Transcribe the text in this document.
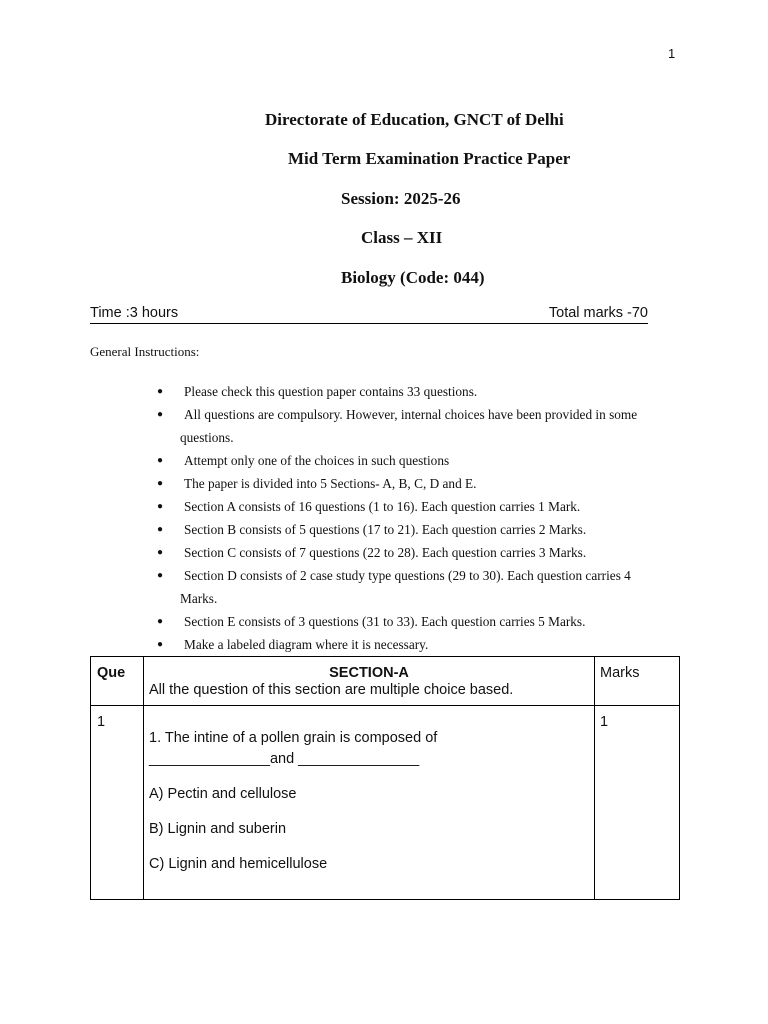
1
Directorate of Education, GNCT of Delhi
Mid Term Examination Practice Paper
Session: 2025-26
Class – XII
Biology (Code: 044)
Time :3 hours	Total marks -70
General Instructions:
● Please check this question paper contains 33 questions.
● All questions are compulsory. However, internal choices have been provided in some
questions.
● Attempt only one of the choices in such questions
● The paper is divided into 5 Sections- A, B, C, D and E.
● Section A consists of 16 questions (1 to 16). Each question carries 1 Mark.
● Section B consists of 5 questions (17 to 21). Each question carries 2 Marks.
● Section C consists of 7 questions (22 to 28). Each question carries 3 Marks.
● Section D consists of 2 case study type questions (29 to 30). Each question carries 4
Marks.
● Section E consists of 3 questions (31 to 33). Each question carries 5 Marks.
● Make a labeled diagram where it is necessary.
Que	SECTION-A
All the question of this section are multiple choice based.	Marks

1	1. The intine of a pollen grain is composed of
_______________and _______________
A) Pectin and cellulose
B) Lignin and suberin
C) Lignin and hemicellulose	1
